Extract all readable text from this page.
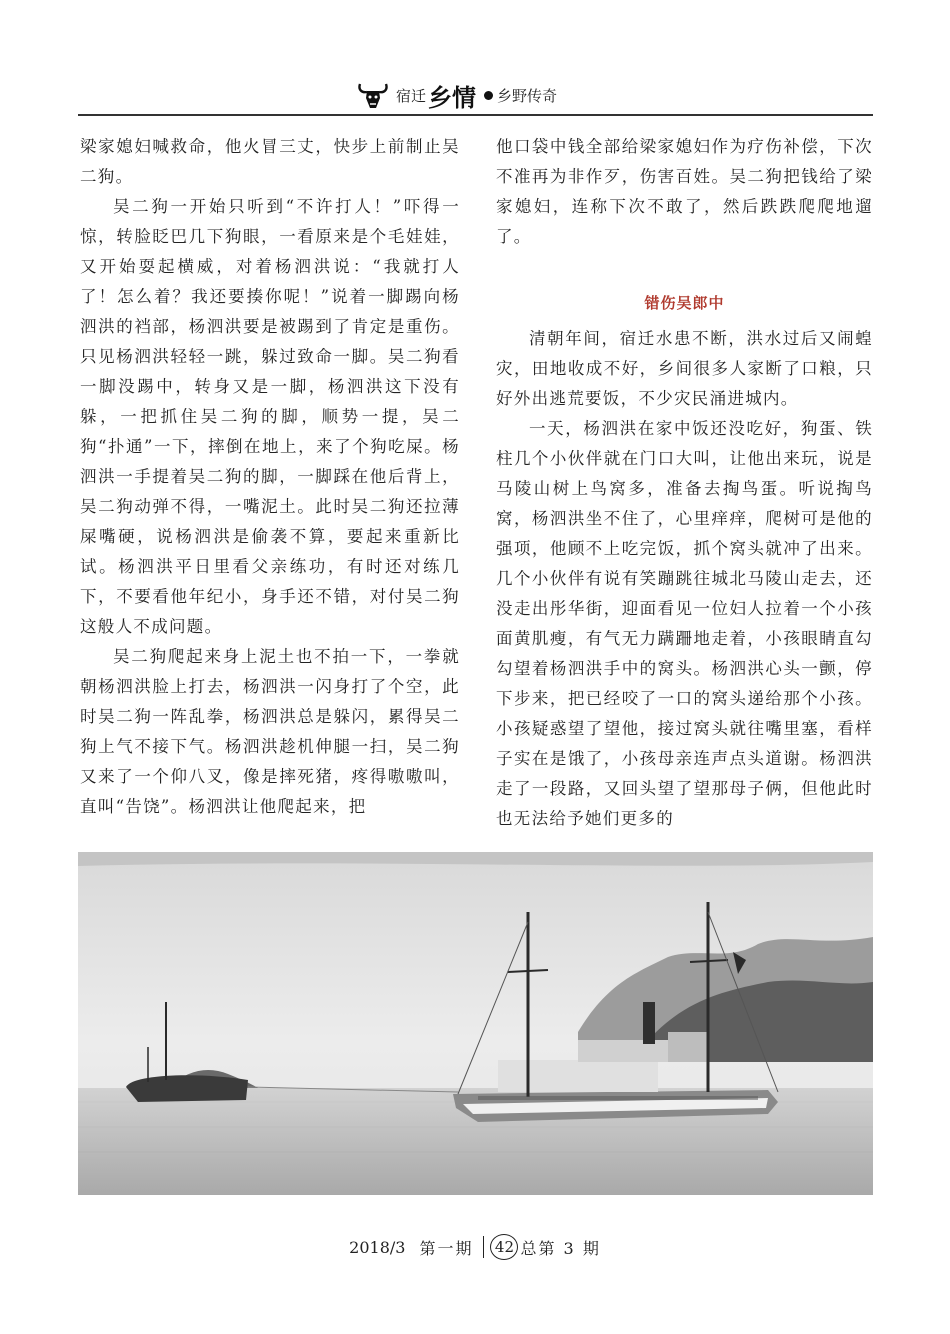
宿迁 乡情 乡野传奇

梁家媳妇喊救命，他火冒三丈，快步上前制止吴二狗。

吴二狗一开始只听到“不许打人！”吓得一惊，转脸眨巴几下狗眼，一看原来是个毛娃娃，又开始耍起横威，对着杨泗洪说：“我就打人了！怎么着？我还要揍你呢！”说着一脚踢向杨泗洪的裆部，杨泗洪要是被踢到了肯定是重伤。只见杨泗洪轻轻一跳，躲过致命一脚。吴二狗看一脚没踢中，转身又是一脚，杨泗洪这下没有躲，一把抓住吴二狗的脚，顺势一提，吴二狗“扑通”一下，摔倒在地上，来了个狗吃屎。杨泗洪一手提着吴二狗的脚，一脚踩在他后背上，吴二狗动弹不得，一嘴泥土。此时吴二狗还拉薄屎嘴硬，说杨泗洪是偷袭不算，要起来重新比试。杨泗洪平日里看父亲练功，有时还对练几下，不要看他年纪小，身手还不错，对付吴二狗这般人不成问题。

吴二狗爬起来身上泥土也不拍一下，一拳就朝杨泗洪脸上打去，杨泗洪一闪身打了个空，此时吴二狗一阵乱拳，杨泗洪总是躲闪，累得吴二狗上气不接下气。杨泗洪趁机伸腿一扫，吴二狗又来了一个仰八叉，像是摔死猪，疼得嗷嗷叫，直叫“告饶”。杨泗洪让他爬起来，把

他口袋中钱全部给梁家媳妇作为疗伤补偿，下次不准再为非作歹，伤害百姓。吴二狗把钱给了梁家媳妇，连称下次不敢了，然后跌跌爬爬地遛了。

错伤吴郎中

清朝年间，宿迁水患不断，洪水过后又闹蝗灾，田地收成不好，乡间很多人家断了口粮，只好外出逃荒要饭，不少灾民涌进城内。

一天，杨泗洪在家中饭还没吃好，狗蛋、铁柱几个小伙伴就在门口大叫，让他出来玩，说是马陵山树上鸟窝多，准备去掏鸟蛋。听说掏鸟窝，杨泗洪坐不住了，心里痒痒，爬树可是他的强项，他顾不上吃完饭，抓个窝头就冲了出来。几个小伙伴有说有笑蹦跳往城北马陵山走去，还没走出彤华街，迎面看见一位妇人拉着一个小孩面黄肌瘦，有气无力蹒跚地走着，小孩眼睛直勾勾望着杨泗洪手中的窝头。杨泗洪心头一颤，停下步来，把已经咬了一口的窝头递给那个小孩。小孩疑惑望了望他，接过窝头就往嘴里塞，看样子实在是饿了，小孩母亲连声点头道谢。杨泗洪走了一段路，又回头望了望那母子俩，但他此时也无法给予她们更多的

2018/3 第一期 42 总第 3 期
